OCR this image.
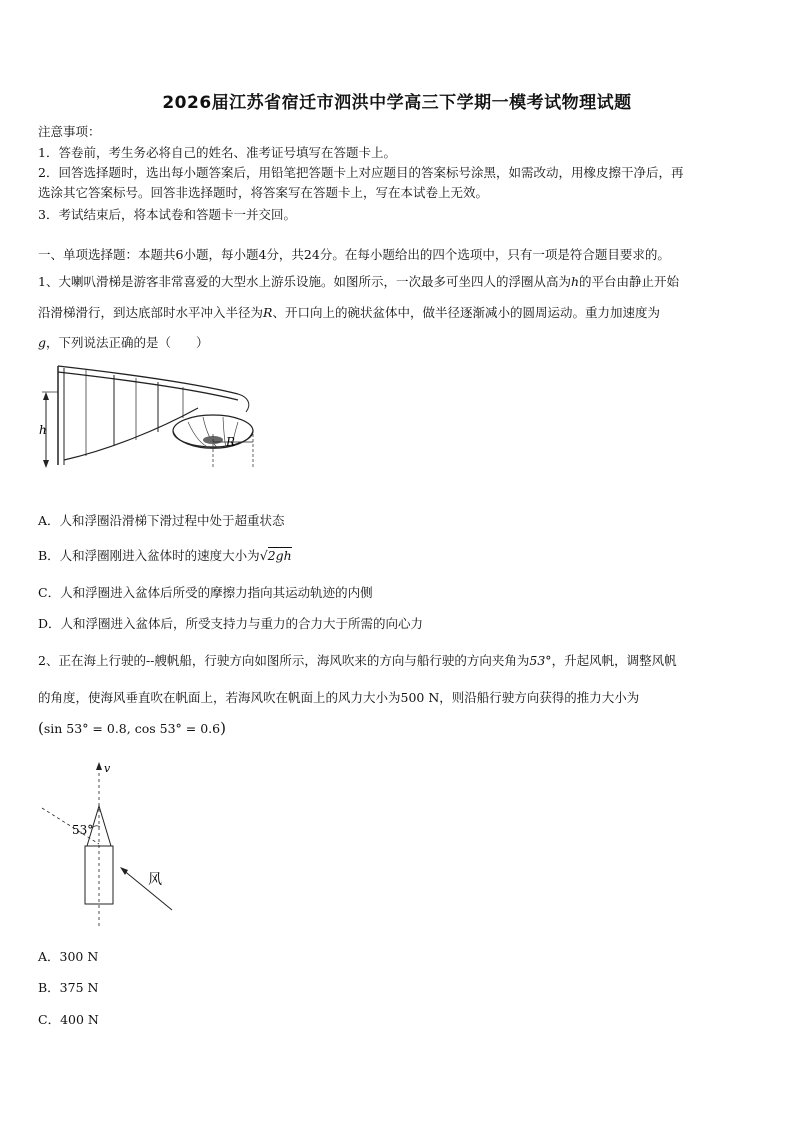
2026届江苏省宿迁市泗洪中学高三下学期一模考试物理试题
注意事项：
1．答卷前，考生务必将自己的姓名、准考证号填写在答题卡上。
2．回答选择题时，选出每小题答案后，用铅笔把答题卡上对应题目的答案标号涂黑，如需改动，用橡皮擦干净后，再
选涂其它答案标号。回答非选择题时，将答案写在答题卡上，写在本试卷上无效。
3．考试结束后，将本试卷和答题卡一并交回。
一、单项选择题：本题共6小题，每小题4分，共24分。在每小题给出的四个选项中，只有一项是符合题目要求的。
1、大喇叭滑梯是游客非常喜爱的大型水上游乐设施。如图所示，一次最多可坐四人的浮圈从高为h的平台由静止开始
沿滑梯滑行，到达底部时水平冲入半径为R、开口向上的碗状盆体中，做半径逐渐减小的圆周运动。重力加速度为
g，下列说法正确的是（　　）
h
R
A．人和浮圈沿滑梯下滑过程中处于超重状态
B．人和浮圈刚进入盆体时的速度大小为√2gh
C．人和浮圈进入盆体后所受的摩擦力指向其运动轨迹的内侧
D．人和浮圈进入盆体后，所受支持力与重力的合力大于所需的向心力
2、正在海上行驶的--艘帆船，行驶方向如图所示，海风吹来的方向与船行驶的方向夹角为53°，升起风帆，调整风帆
的角度，使海风垂直吹在帆面上，若海风吹在帆面上的风力大小为500 N，则沿船行驶方向获得的推力大小为
(sin 53° = 0.8, cos 53° = 0.6)
v
53°
风
A．300 N
B．375 N
C．400 N
